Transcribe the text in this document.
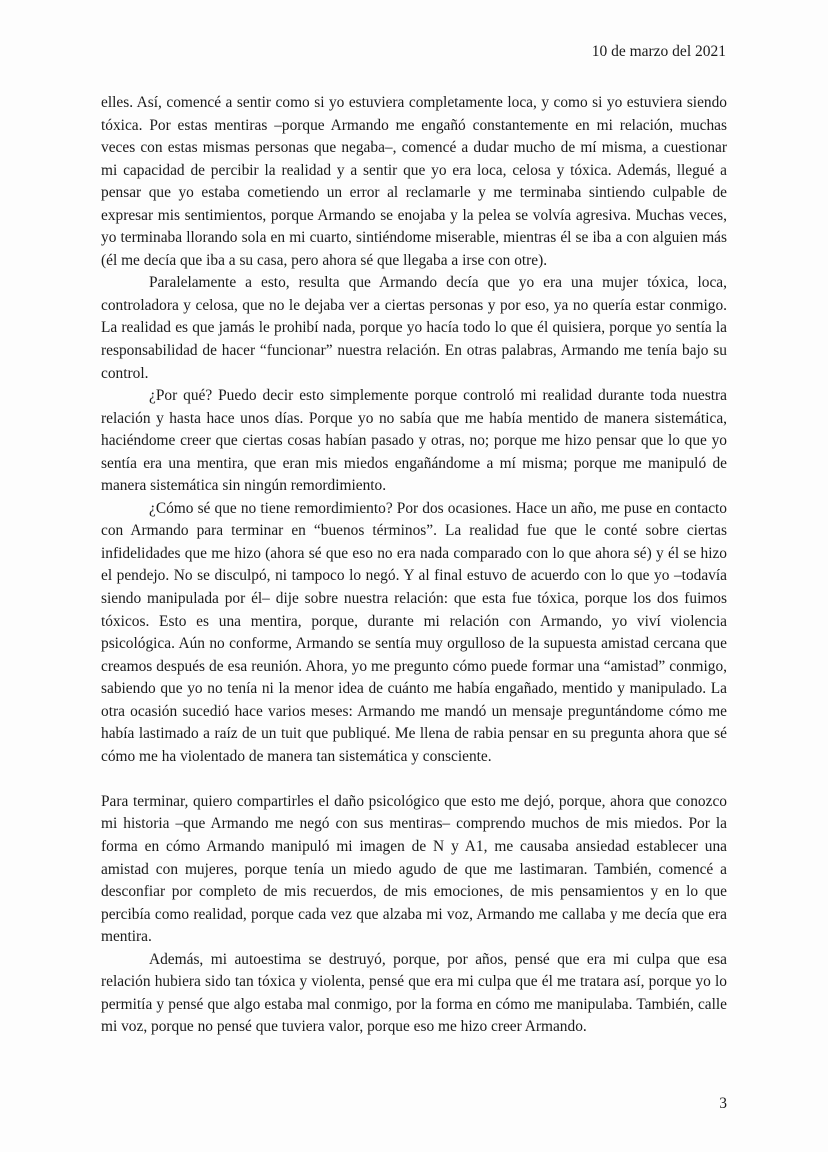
10 de marzo del 2021

elles. Así, comencé a sentir como si yo estuviera completamente loca, y como si yo estuviera siendo tóxica. Por estas mentiras –porque Armando me engañó constantemente en mi relación, muchas veces con estas mismas personas que negaba–, comencé a dudar mucho de mí misma, a cuestionar mi capacidad de percibir la realidad y a sentir que yo era loca, celosa y tóxica. Además, llegué a pensar que yo estaba cometiendo un error al reclamarle y me terminaba sintiendo culpable de expresar mis sentimientos, porque Armando se enojaba y la pelea se volvía agresiva. Muchas veces, yo terminaba llorando sola en mi cuarto, sintiéndome miserable, mientras él se iba a con alguien más (él me decía que iba a su casa, pero ahora sé que llegaba a irse con otre).

Paralelamente a esto, resulta que Armando decía que yo era una mujer tóxica, loca, controladora y celosa, que no le dejaba ver a ciertas personas y por eso, ya no quería estar conmigo. La realidad es que jamás le prohibí nada, porque yo hacía todo lo que él quisiera, porque yo sentía la responsabilidad de hacer “funcionar” nuestra relación. En otras palabras, Armando me tenía bajo su control.

¿Por qué? Puedo decir esto simplemente porque controló mi realidad durante toda nuestra relación y hasta hace unos días. Porque yo no sabía que me había mentido de manera sistemática, haciéndome creer que ciertas cosas habían pasado y otras, no; porque me hizo pensar que lo que yo sentía era una mentira, que eran mis miedos engañándome a mí misma; porque me manipuló de manera sistemática sin ningún remordimiento.

¿Cómo sé que no tiene remordimiento? Por dos ocasiones. Hace un año, me puse en contacto con Armando para terminar en “buenos términos”. La realidad fue que le conté sobre ciertas infidelidades que me hizo (ahora sé que eso no era nada comparado con lo que ahora sé) y él se hizo el pendejo. No se disculpó, ni tampoco lo negó. Y al final estuvo de acuerdo con lo que yo –todavía siendo manipulada por él– dije sobre nuestra relación: que esta fue tóxica, porque los dos fuimos tóxicos. Esto es una mentira, porque, durante mi relación con Armando, yo viví violencia psicológica. Aún no conforme, Armando se sentía muy orgulloso de la supuesta amistad cercana que creamos después de esa reunión. Ahora, yo me pregunto cómo puede formar una “amistad” conmigo, sabiendo que yo no tenía ni la menor idea de cuánto me había engañado, mentido y manipulado. La otra ocasión sucedió hace varios meses: Armando me mandó un mensaje preguntándome cómo me había lastimado a raíz de un tuit que publiqué. Me llena de rabia pensar en su pregunta ahora que sé cómo me ha violentado de manera tan sistemática y consciente.

Para terminar, quiero compartirles el daño psicológico que esto me dejó, porque, ahora que conozco mi historia –que Armando me negó con sus mentiras– comprendo muchos de mis miedos. Por la forma en cómo Armando manipuló mi imagen de N y A1, me causaba ansiedad establecer una amistad con mujeres, porque tenía un miedo agudo de que me lastimaran. También, comencé a desconfiar por completo de mis recuerdos, de mis emociones, de mis pensamientos y en lo que percibía como realidad, porque cada vez que alzaba mi voz, Armando me callaba y me decía que era mentira.

Además, mi autoestima se destruyó, porque, por años, pensé que era mi culpa que esa relación hubiera sido tan tóxica y violenta, pensé que era mi culpa que él me tratara así, porque yo lo permitía y pensé que algo estaba mal conmigo, por la forma en cómo me manipulaba. También, calle mi voz, porque no pensé que tuviera valor, porque eso me hizo creer Armando.

3
